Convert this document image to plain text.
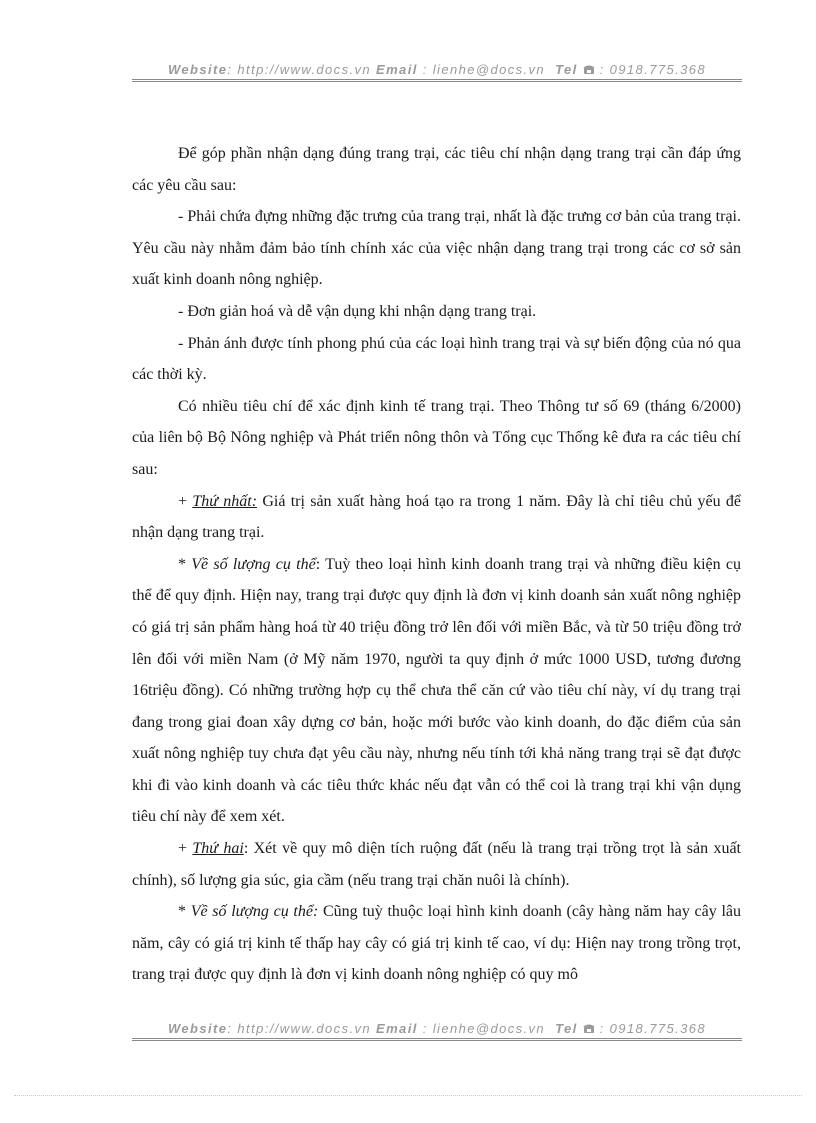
Website: http://www.docs.vn Email : lienhe@docs.vn Tel : 0918.775.368

Để góp phần nhận dạng đúng trang trại, các tiêu chí nhận dạng trang trại cần đáp ứng các yêu cầu sau:

- Phải chứa đựng những đặc trưng của trang trại, nhất là đặc trưng cơ bản của trang trại. Yêu cầu này nhằm đảm bảo tính chính xác của việc nhận dạng trang trại trong các cơ sở sản xuất kinh doanh nông nghiệp.

- Đơn giản hoá và dễ vận dụng khi nhận dạng trang trại.

- Phản ánh được tính phong phú của các loại hình trang trại và sự biến động của nó qua các thời kỳ.

Có nhiều tiêu chí để xác định kinh tế trang trại. Theo Thông tư số 69 (tháng 6/2000) của liên bộ Bộ Nông nghiệp và Phát triển nông thôn và Tổng cục Thống kê đưa ra các tiêu chí sau:

+ Thứ nhất: Giá trị sản xuất hàng hoá tạo ra trong 1 năm. Đây là chỉ tiêu chủ yếu để nhận dạng trang trại.

* Về số lượng cụ thể: Tuỳ theo loại hình kinh doanh trang trại và những điều kiện cụ thể để quy định. Hiện nay, trang trại được quy định là đơn vị kinh doanh sản xuất nông nghiệp có giá trị sản phẩm hàng hoá từ 40 triệu đồng trở lên đối với miền Bắc, và từ 50 triệu đồng trở lên đối với miền Nam (ở Mỹ năm 1970, người ta quy định ở mức 1000 USD, tương đương 16triệu đồng). Có những trường hợp cụ thể chưa thể căn cứ vào tiêu chí này, ví dụ trang trại đang trong giai đoan xây dựng cơ bản, hoặc mới bước vào kinh doanh, do đặc điểm của sản xuất nông nghiệp tuy chưa đạt yêu cầu này, nhưng nếu tính tới khả năng trang trại sẽ đạt được khi đi vào kinh doanh và các tiêu thức khác nếu đạt vẫn có thể coi là trang trại khi vận dụng tiêu chí này để xem xét.

+ Thứ hai: Xét về quy mô diện tích ruộng đất (nếu là trang trại trồng trọt là sản xuất chính), số lượng gia súc, gia cầm (nếu trang trại chăn nuôi là chính).

* Về số lượng cụ thể: Cũng tuỳ thuộc loại hình kinh doanh (cây hàng năm hay cây lâu năm, cây có giá trị kinh tế thấp hay cây có giá trị kinh tế cao, ví dụ: Hiện nay trong trồng trọt, trang trại được quy định là đơn vị kinh doanh nông nghiệp có quy mô

Website: http://www.docs.vn Email : lienhe@docs.vn Tel : 0918.775.368
